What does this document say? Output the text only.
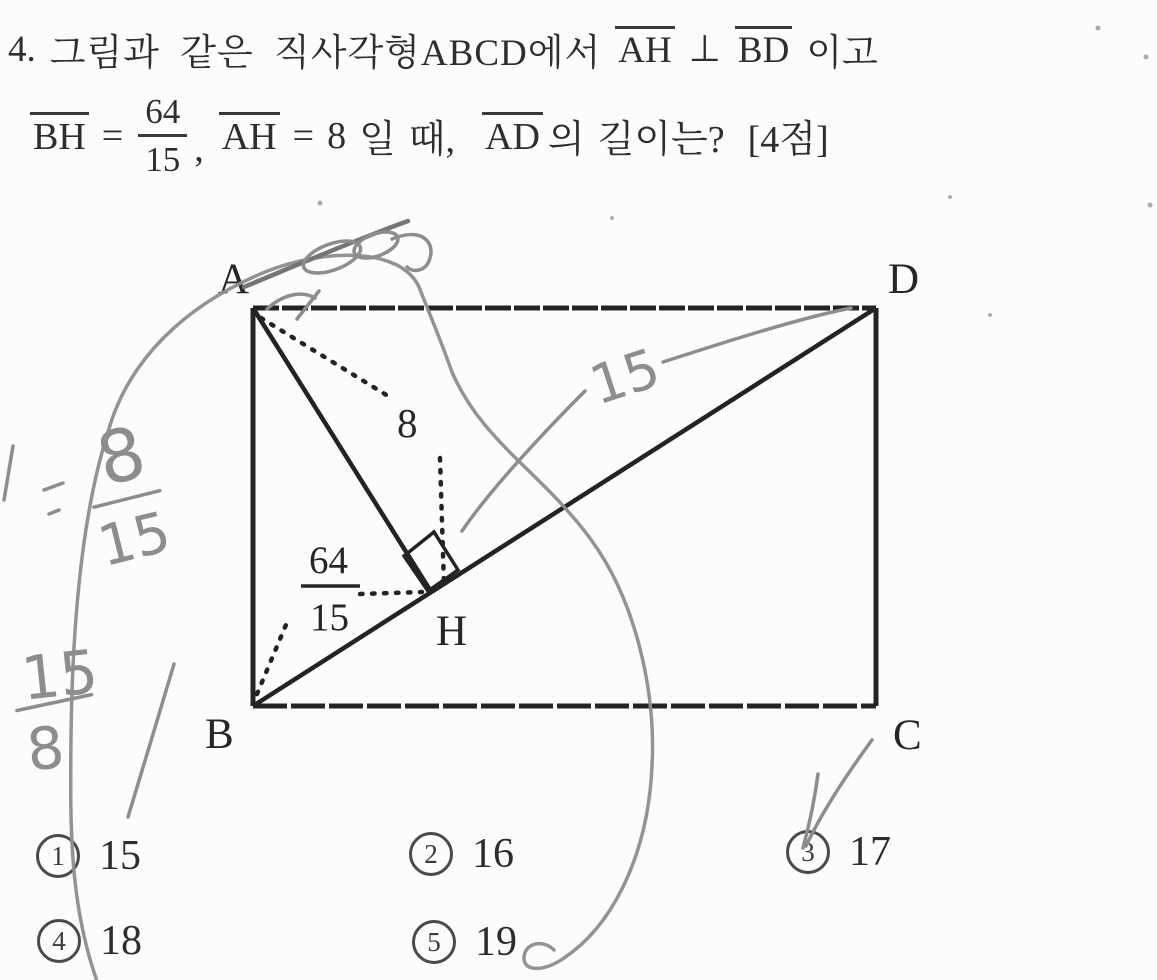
4. 그림과 같은 직사각형ABCD에서 AH ⊥ BD 이고
BH = $\frac{64}{15}$ , AH = 8 일 때, AD 의 길이는? [4점]
1 15	2 16	3 17
4 18	5 19
A	D
B	C
H
8
64
15
15
8
15
15
8
